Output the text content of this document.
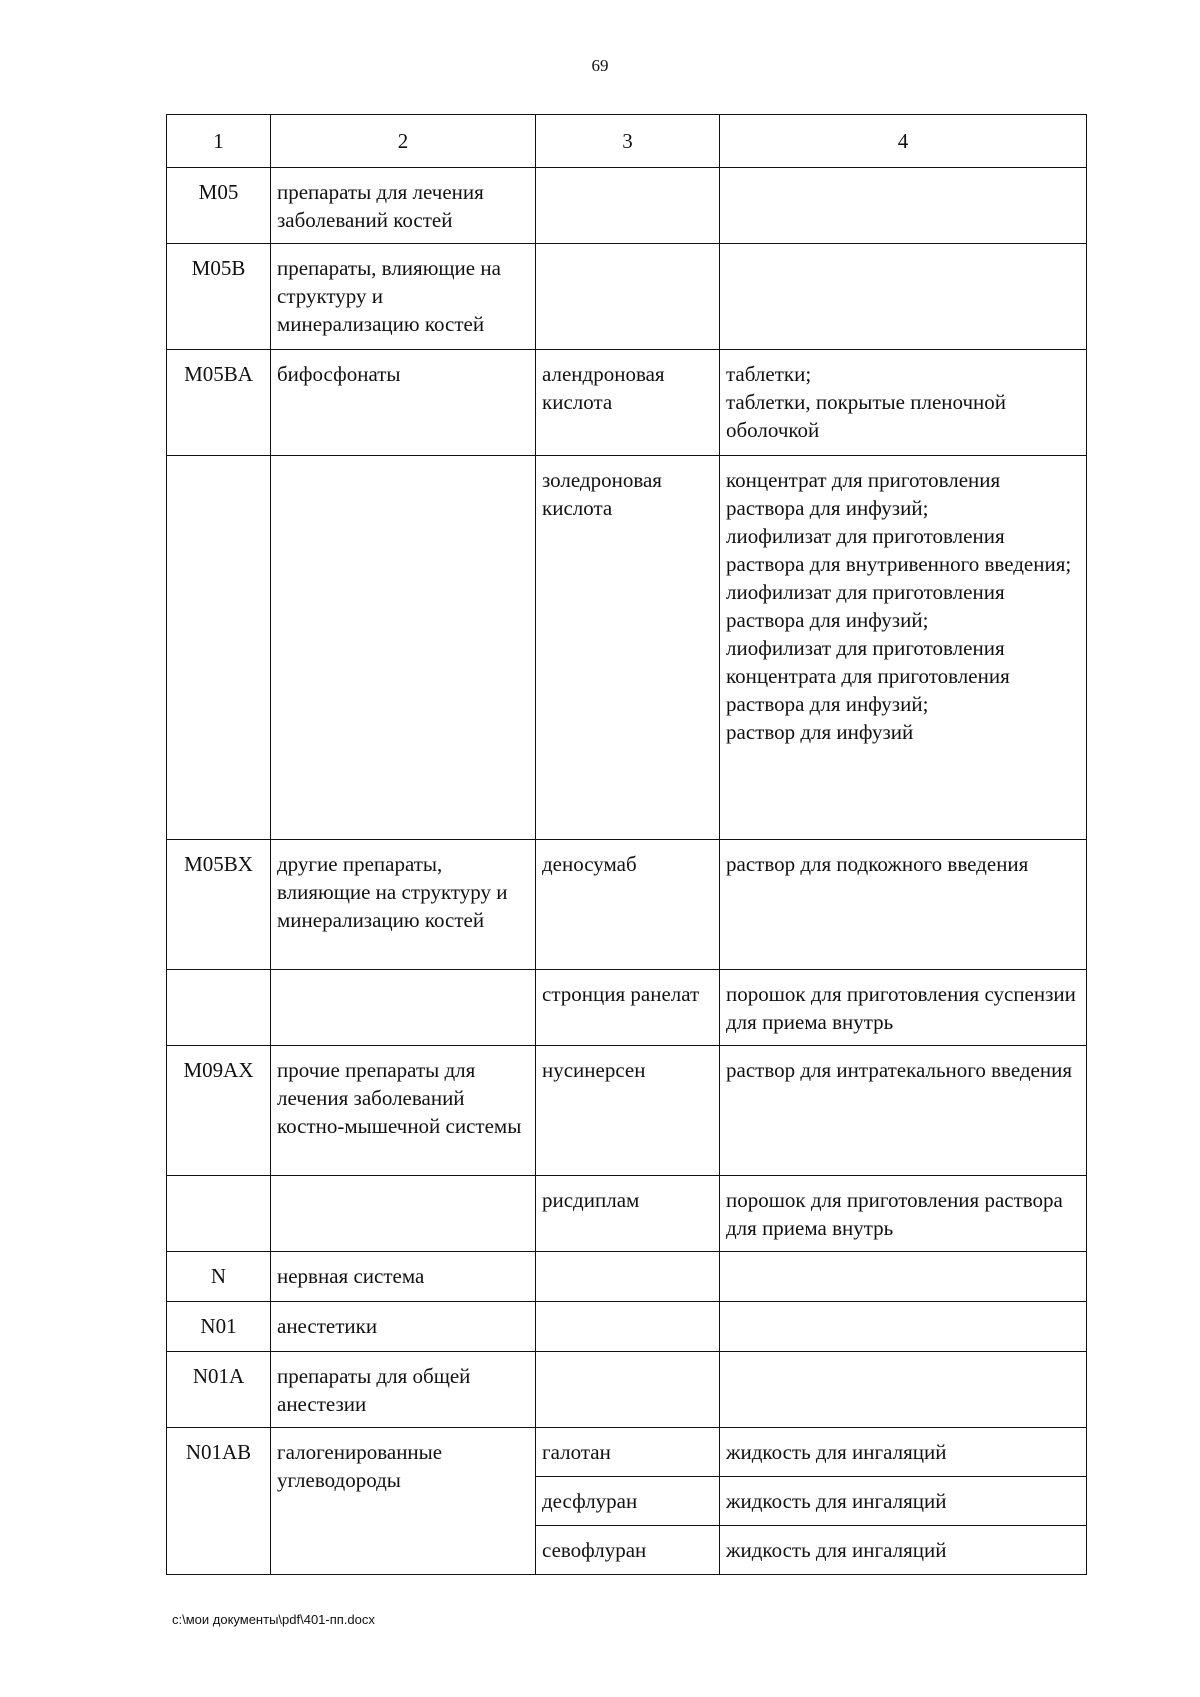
69
1	2	3	4
M05	препараты для лечения заболеваний костей		
M05B	препараты, влияющие на структуру и минерализацию костей		
M05BA	бифосфонаты	алендроновая кислота	таблетки;
таблетки, покрытые пленочной оболочкой

		золедроновая кислота	концентрат для приготовления раствора для инфузий;
лиофилизат для приготовления раствора для внутривенного введения;
лиофилизат для приготовления раствора для инфузий;
лиофилизат для приготовления концентрата для приготовления раствора для инфузий;
раствор для инфузий

M05BX	другие препараты, влияющие на структуру и минерализацию костей	деносумаб	раствор для подкожного введения

		стронция ранелат	порошок для приготовления суспензии для приема внутрь

M09AX	прочие препараты для лечения заболеваний костно-мышечной системы	нусинерсен	раствор для интратекального введения

		рисдиплам	порошок для приготовления раствора для приема внутрь

N	нервная система		
N01	анестетики		
N01A	препараты для общей анестезии		
N01AB	галогенированные углеводороды	галотан	жидкость для ингаляций
		десфлуран	жидкость для ингаляций
		севофлуран	жидкость для ингаляций
c:\мои документы\pdf\401-пп.docx
